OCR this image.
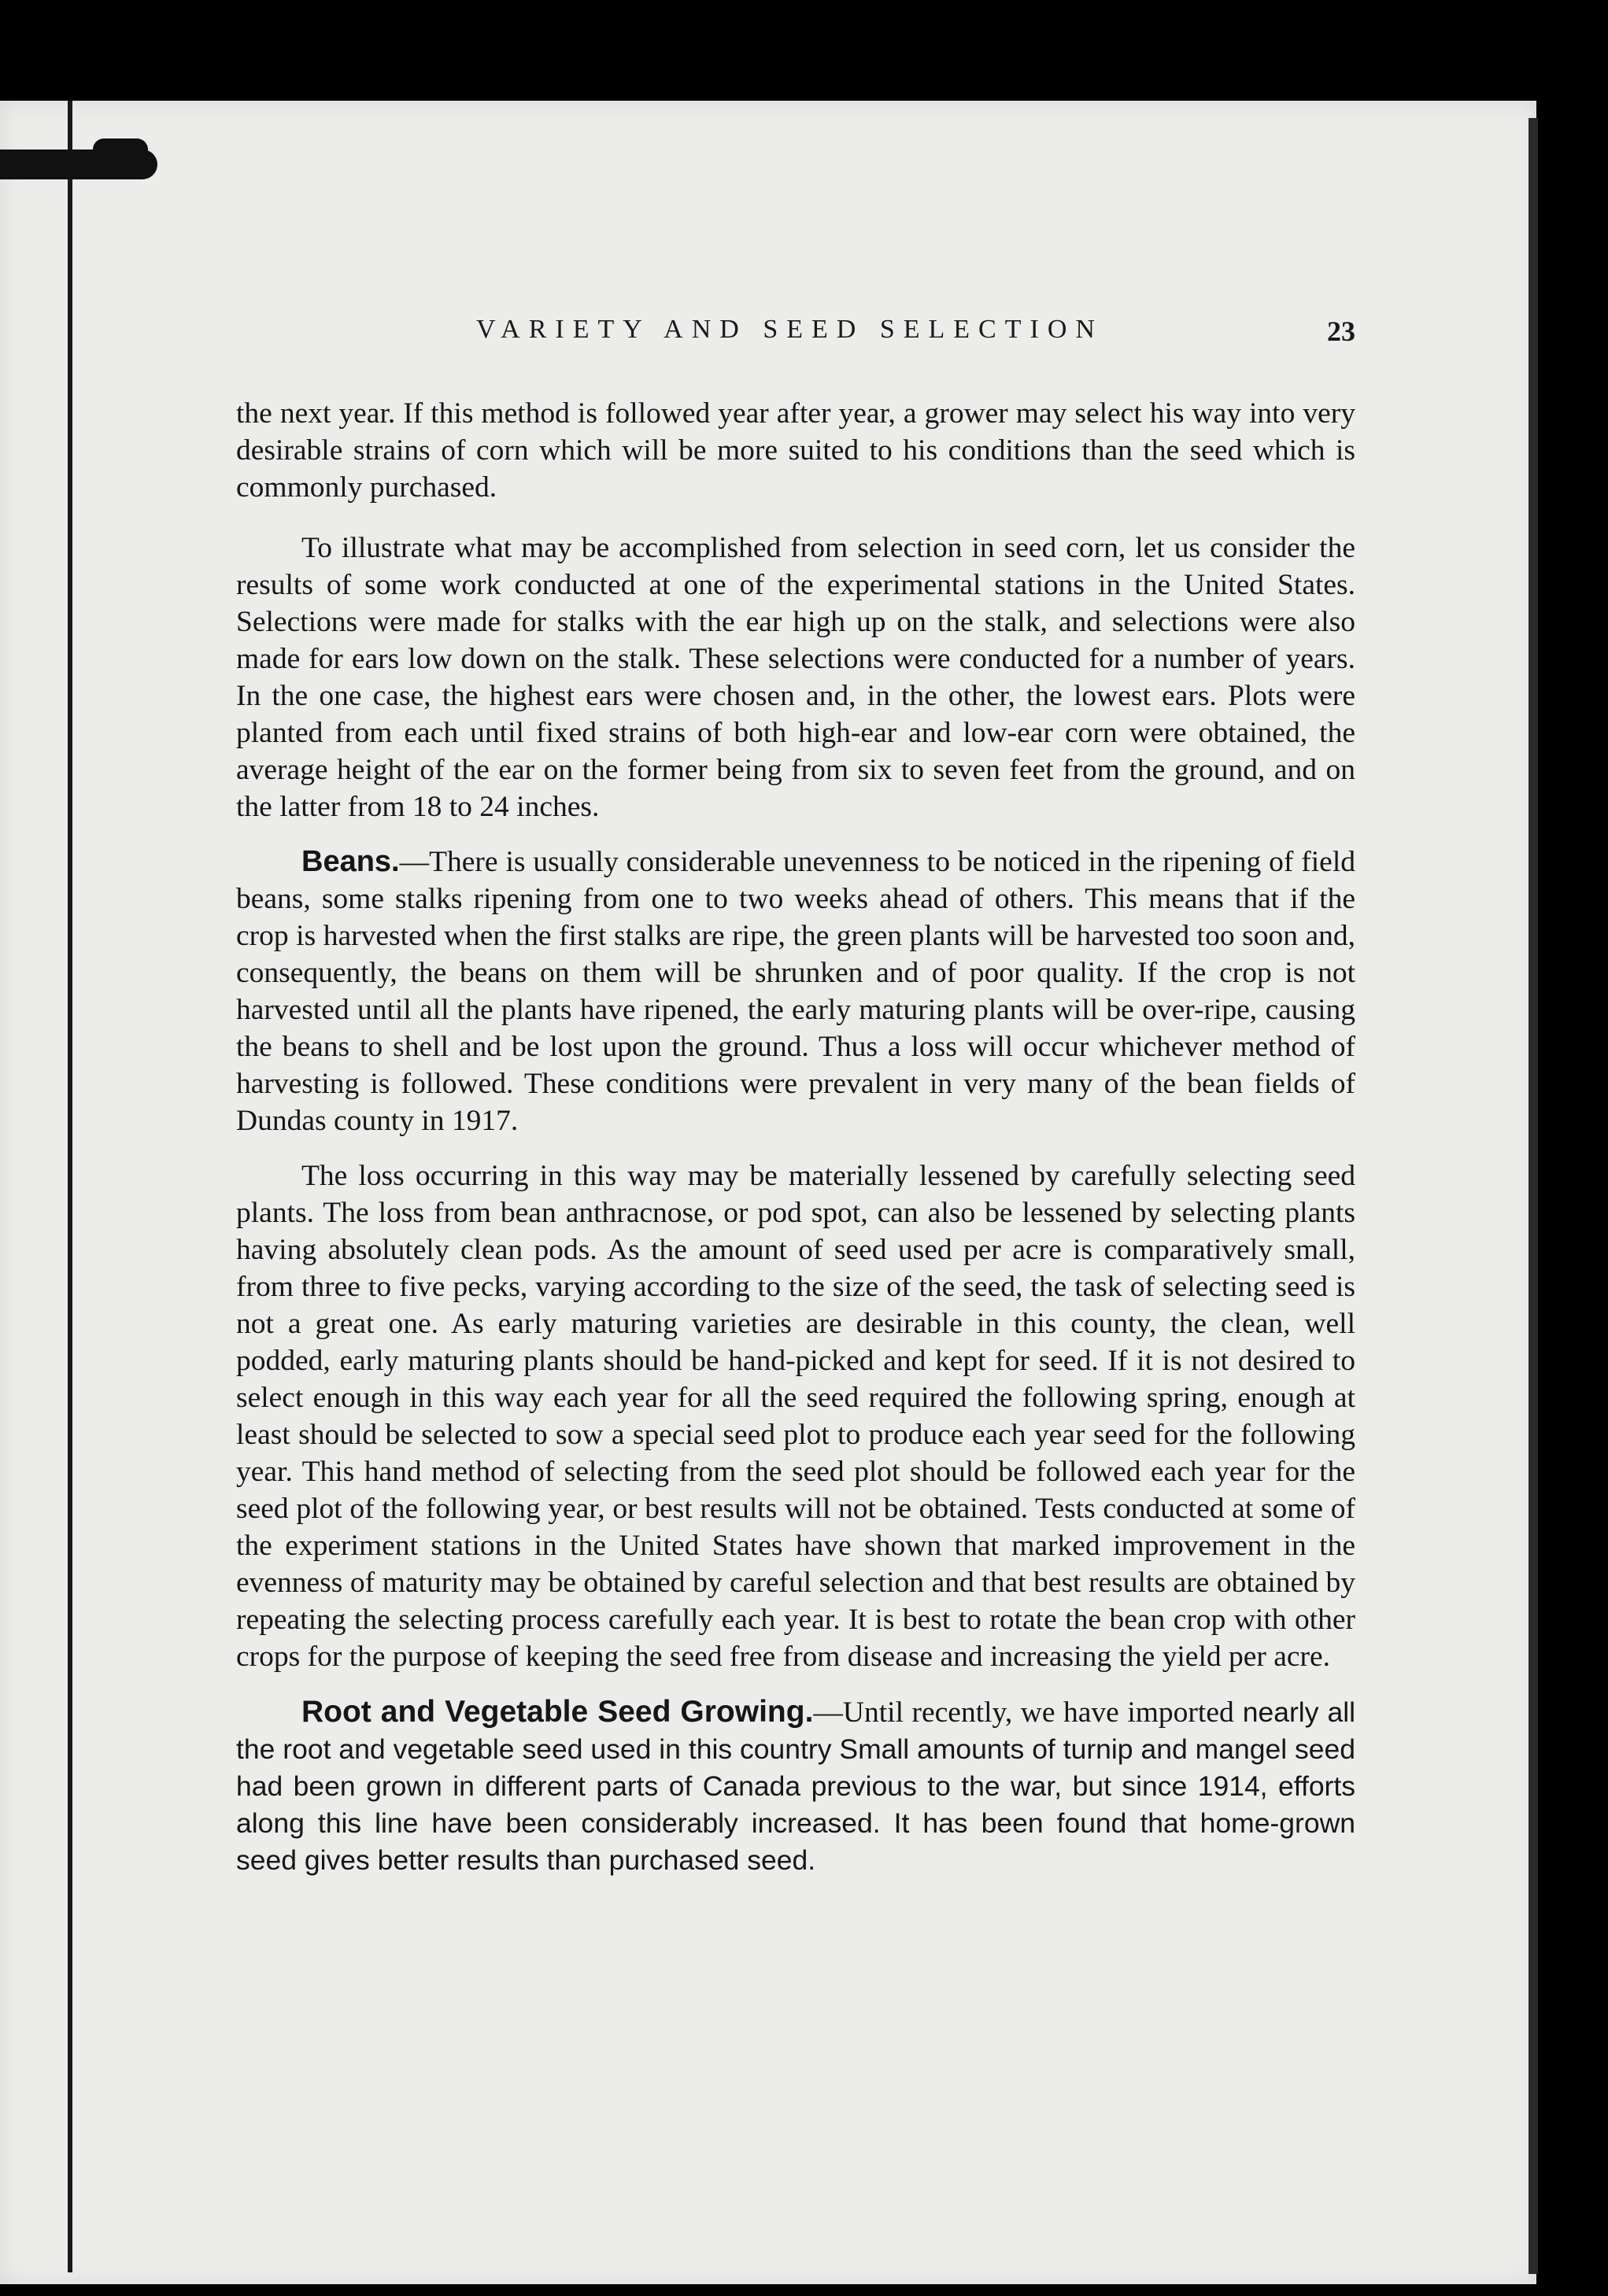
VARIETY AND SEED SELECTION	23

the next year. If this method is followed year after year, a grower may select his way into very desirable strains of corn which will be more suited to his conditions than the seed which is commonly purchased.

To illustrate what may be accomplished from selection in seed corn, let us consider the results of some work conducted at one of the experimental stations in the United States. Selections were made for stalks with the ear high up on the stalk, and selections were also made for ears low down on the stalk. These selections were conducted for a number of years. In the one case, the highest ears were chosen and, in the other, the lowest ears. Plots were planted from each until fixed strains of both high-ear and low-ear corn were obtained, the average height of the ear on the former being from six to seven feet from the ground, and on the latter from 18 to 24 inches.

Beans.—There is usually considerable unevenness to be noticed in the ripening of field beans, some stalks ripening from one to two weeks ahead of others. This means that if the crop is harvested when the first stalks are ripe, the green plants will be harvested too soon and, consequently, the beans on them will be shrunken and of poor quality. If the crop is not harvested until all the plants have ripened, the early maturing plants will be over-ripe, causing the beans to shell and be lost upon the ground. Thus a loss will occur whichever method of harvesting is followed. These conditions were prevalent in very many of the bean fields of Dundas county in 1917.

The loss occurring in this way may be materially lessened by carefully selecting seed plants. The loss from bean anthracnose, or pod spot, can also be lessened by selecting plants having absolutely clean pods. As the amount of seed used per acre is comparatively small, from three to five pecks, varying according to the size of the seed, the task of selecting seed is not a great one. As early maturing varieties are desirable in this county, the clean, well podded, early maturing plants should be hand-picked and kept for seed. If it is not desired to select enough in this way each year for all the seed required the following spring, enough at least should be selected to sow a special seed plot to produce each year seed for the following year. This hand method of selecting from the seed plot should be followed each year for the seed plot of the following year, or best results will not be obtained. Tests conducted at some of the experiment stations in the United States have shown that marked improvement in the evenness of maturity may be obtained by careful selection and that best results are obtained by repeating the selecting process carefully each year. It is best to rotate the bean crop with other crops for the purpose of keeping the seed free from disease and increasing the yield per acre.

Root and Vegetable Seed Growing.—Until recently, we have imported nearly all the root and vegetable seed used in this country Small amounts of turnip and mangel seed had been grown in different parts of Canada previous to the war, but since 1914, efforts along this line have been considerably increased. It has been found that home-grown seed gives better results than purchased seed.
